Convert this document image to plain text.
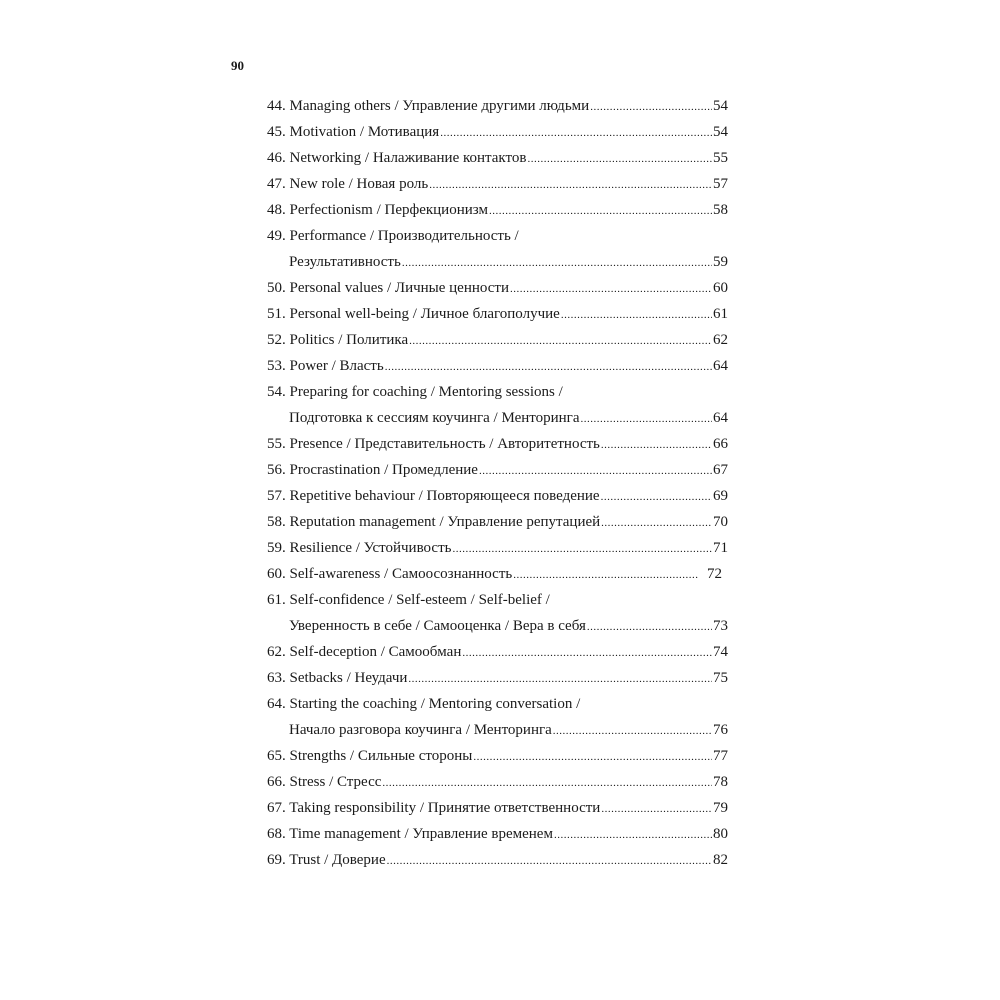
90
44. Managing others / Управление другими людьми .....	54
45. Motivation / Мотивация .....	54
46. Networking / Налаживание контактов .....	55
47. New role / Новая роль .....	57
48. Perfectionism / Перфекционизм .....	58
49. Performance / Производительность /
Результативность .....	59
50. Personal values / Личные ценности .....	60
51. Personal well-being / Личное благополучие .....	61
52. Politics / Политика .....	62
53. Power / Власть .....	64
54. Preparing for coaching / Mentoring sessions /
Подготовка к сессиям коучинга / Менторинга .....	64
55. Presence / Представительность / Авторитетность .....	66
56. Procrastination / Промедление .....	67
57. Repetitive behaviour / Повторяющееся поведение .....	69
58. Reputation management / Управление репутацией .....	70
59. Resilience / Устойчивость .....	71
60. Self-awareness / Самоосознанность .....	72
61. Self-confidence / Self-esteem / Self-belief /
Уверенность в себе / Самооценка / Вера в себя .....	73
62. Self-deception / Самообман .....	74
63. Setbacks / Неудачи .....	75
64. Starting the coaching / Mentoring conversation /
Начало разговора коучинга / Менторинга .....	76
65. Strengths / Сильные стороны .....	77
66. Stress / Стресс .....	78
67. Taking responsibility / Принятие ответственности .....	79
68. Time management / Управление временем .....	80
69. Trust / Доверие .....	82
